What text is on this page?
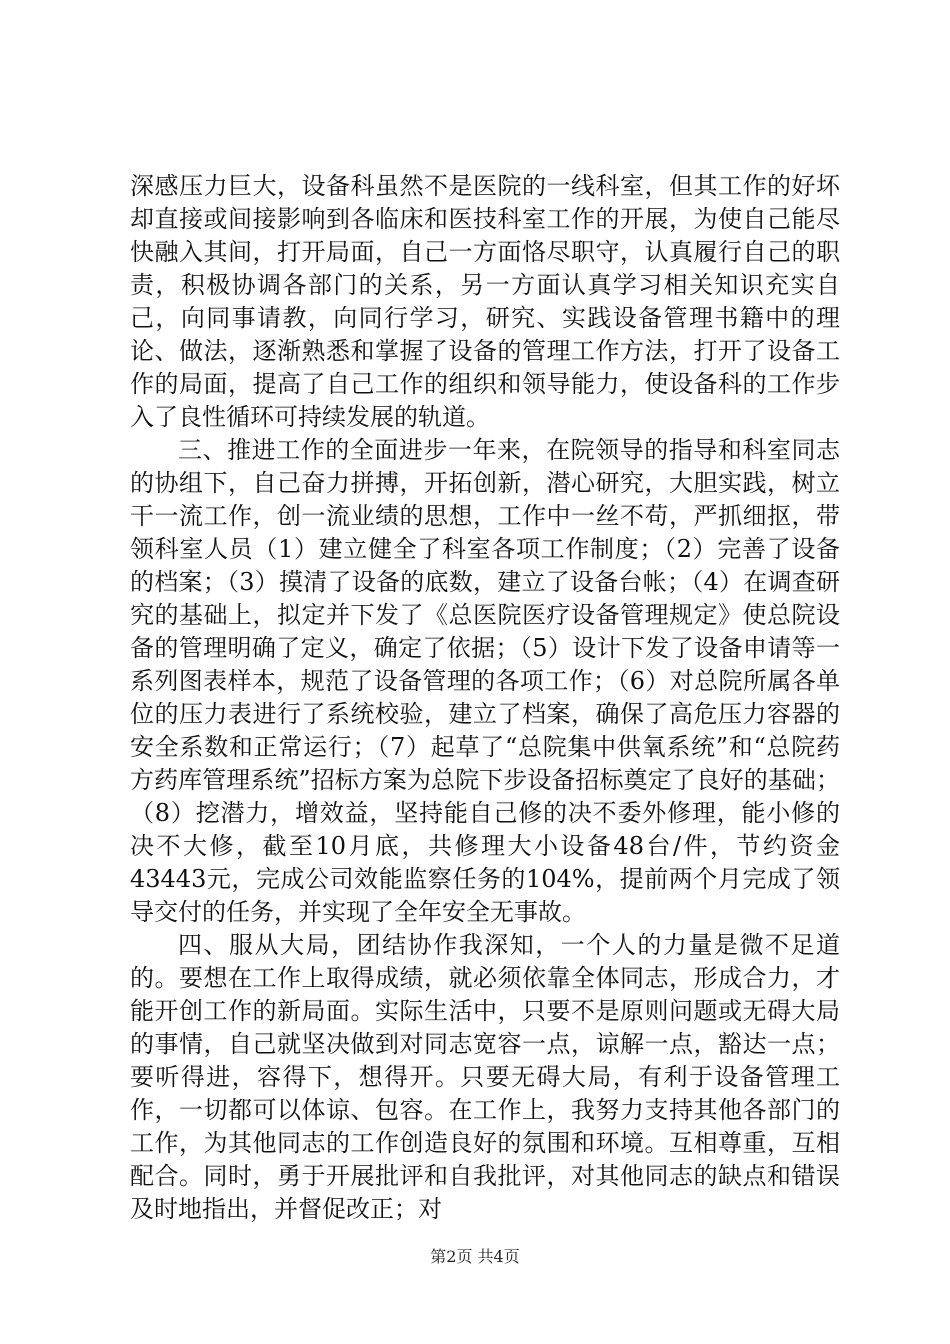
深感压力巨大，设备科虽然不是医院的一线科室，但其工作的好坏却直接或间接影响到各临床和医技科室工作的开展，为使自己能尽快融入其间，打开局面，自己一方面恪尽职守，认真履行自己的职责，积极协调各部门的关系，另一方面认真学习相关知识充实自己，向同事请教，向同行学习，研究、实践设备管理书籍中的理论、做法，逐渐熟悉和掌握了设备的管理工作方法，打开了设备工作的局面，提高了自己工作的组织和领导能力，使设备科的工作步入了良性循环可持续发展的轨道。

三、推进工作的全面进步一年来，在院领导的指导和科室同志的协组下，自己奋力拼搏，开拓创新，潜心研究，大胆实践，树立干一流工作，创一流业绩的思想，工作中一丝不苟，严抓细抠，带领科室人员（1）建立健全了科室各项工作制度；（2）完善了设备的档案；（3）摸清了设备的底数，建立了设备台帐；（4）在调查研究的基础上，拟定并下发了《总医院医疗设备管理规定》使总院设备的管理明确了定义，确定了依据；（5）设计下发了设备申请等一系列图表样本，规范了设备管理的各项工作；（6）对总院所属各单位的压力表进行了系统校验，建立了档案，确保了高危压力容器的安全系数和正常运行；（7）起草了“总院集中供氧系统”和“总院药方药库管理系统”招标方案为总院下步设备招标奠定了良好的基础；（8）挖潜力，增效益，坚持能自己修的决不委外修理，能小修的决不大修，截至10月底，共修理大小设备48台/件，节约资金43443元，完成公司效能监察任务的104%，提前两个月完成了领导交付的任务，并实现了全年安全无事故。

四、服从大局，团结协作我深知，一个人的力量是微不足道的。要想在工作上取得成绩，就必须依靠全体同志，形成合力，才能开创工作的新局面。实际生活中，只要不是原则问题或无碍大局的事情，自己就坚决做到对同志宽容一点，谅解一点，豁达一点；要听得进，容得下，想得开。只要无碍大局，有利于设备管理工作，一切都可以体谅、包容。在工作上，我努力支持其他各部门的工作，为其他同志的工作创造良好的氛围和环境。互相尊重，互相配合。同时，勇于开展批评和自我批评，对其他同志的缺点和错误及时地指出，并督促改正；对

第2页 共4页
